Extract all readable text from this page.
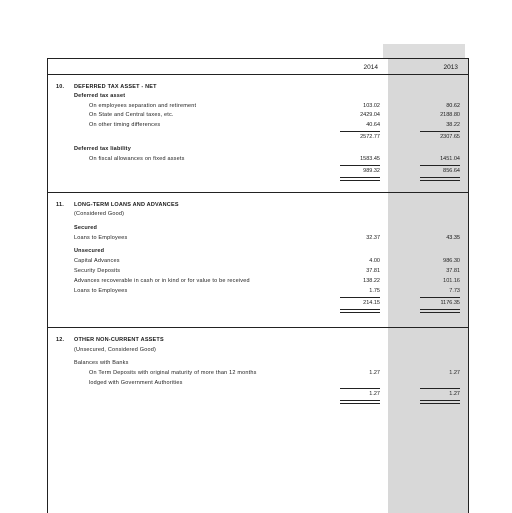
2014	2013
10. DEFERRED TAX ASSET - NET
Deferred tax asset
On employees separation and retirement	103.02	80.62
On State and Central taxes, etc.	2429.04	2188.80
On other timing differences	40.64	38.22
2572.77	2307.65
Deferred tax liability
On fiscal allowances on fixed assets	1583.45	1451.04
989.32	856.64
11. LONG-TERM LOANS AND ADVANCES
(Considered Good)
Secured
Loans to Employees	32.37	43.35
Unsecured
Capital Advances	4.00	986.30
Security Deposits	37.81	37.81
Advances recoverable in cash or in kind or for value to be received	138.22	101.16
Loans to Employees	1.75	7.73
214.15	1176.35
12. OTHER NON-CURRENT ASSETS
(Unsecured, Considered Good)
Balances with Banks
On Term Deposits with original maturity of more than 12 months	1.27	1.27
lodged with Government Authorities
1.27	1.27
